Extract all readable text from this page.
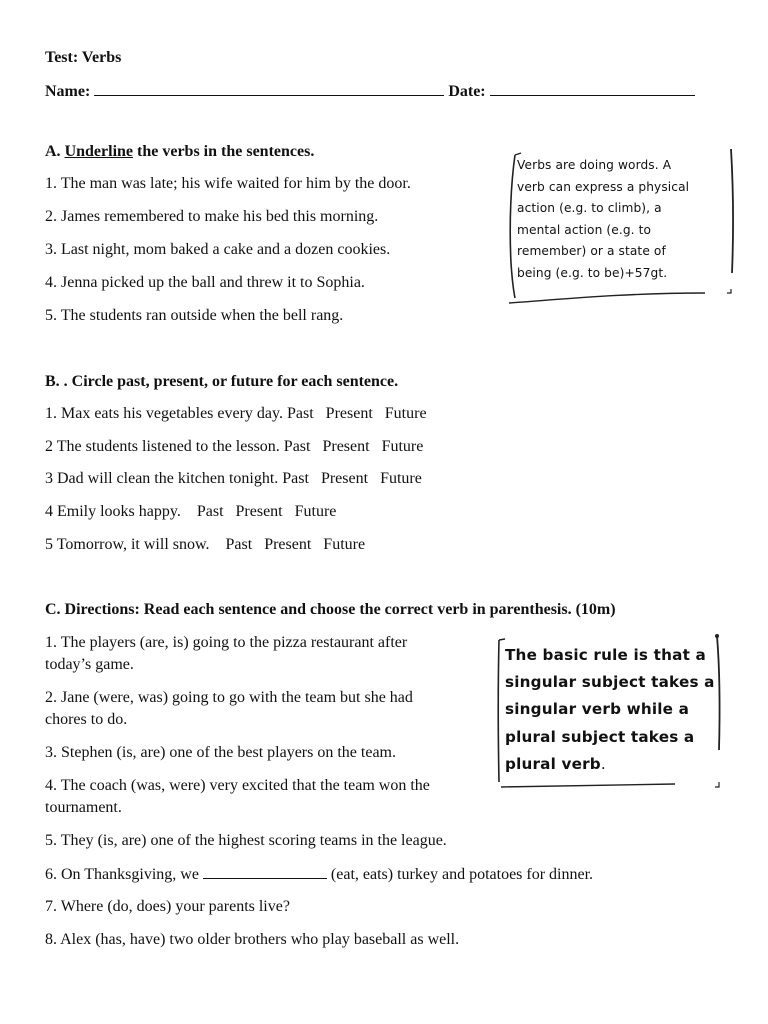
Test: Verbs
Name:	Date:
A. Underline the verbs in the sentences.
1. The man was late; his wife waited for him by the door.
2. James remembered to make his bed this morning.
3. Last night, mom baked a cake and a dozen cookies.
4. Jenna picked up the ball and threw it to Sophia.
5. The students ran outside when the bell rang.
Verbs are doing words. A
verb can express a physical
action (e.g. to climb), a
mental action (e.g. to
remember) or a state of
being (e.g. to be)+57gt.
B. . Circle past, present, or future for each sentence.
1. Max eats his vegetables every day. Past Present Future
2 The students listened to the lesson. Past Present Future
3 Dad will clean the kitchen tonight. Past Present Future
4 Emily looks happy. Past Present Future
5 Tomorrow, it will snow. Past Present Future
C. Directions: Read each sentence and choose the correct verb in parenthesis. (10m)
1. The players (are, is) going to the pizza restaurant after
today’s game.
2. Jane (were, was) going to go with the team but she had
chores to do.
3. Stephen (is, are) one of the best players on the team.
4. The coach (was, were) very excited that the team won the
tournament.
5. They (is, are) one of the highest scoring teams in the league.
6. On Thanksgiving, we	(eat, eats) turkey and potatoes for dinner.
7. Where (do, does) your parents live?
8. Alex (has, have) two older brothers who play baseball as well.
The basic rule is that a
singular subject takes a
singular verb while a
plural subject takes a
plural verb.
